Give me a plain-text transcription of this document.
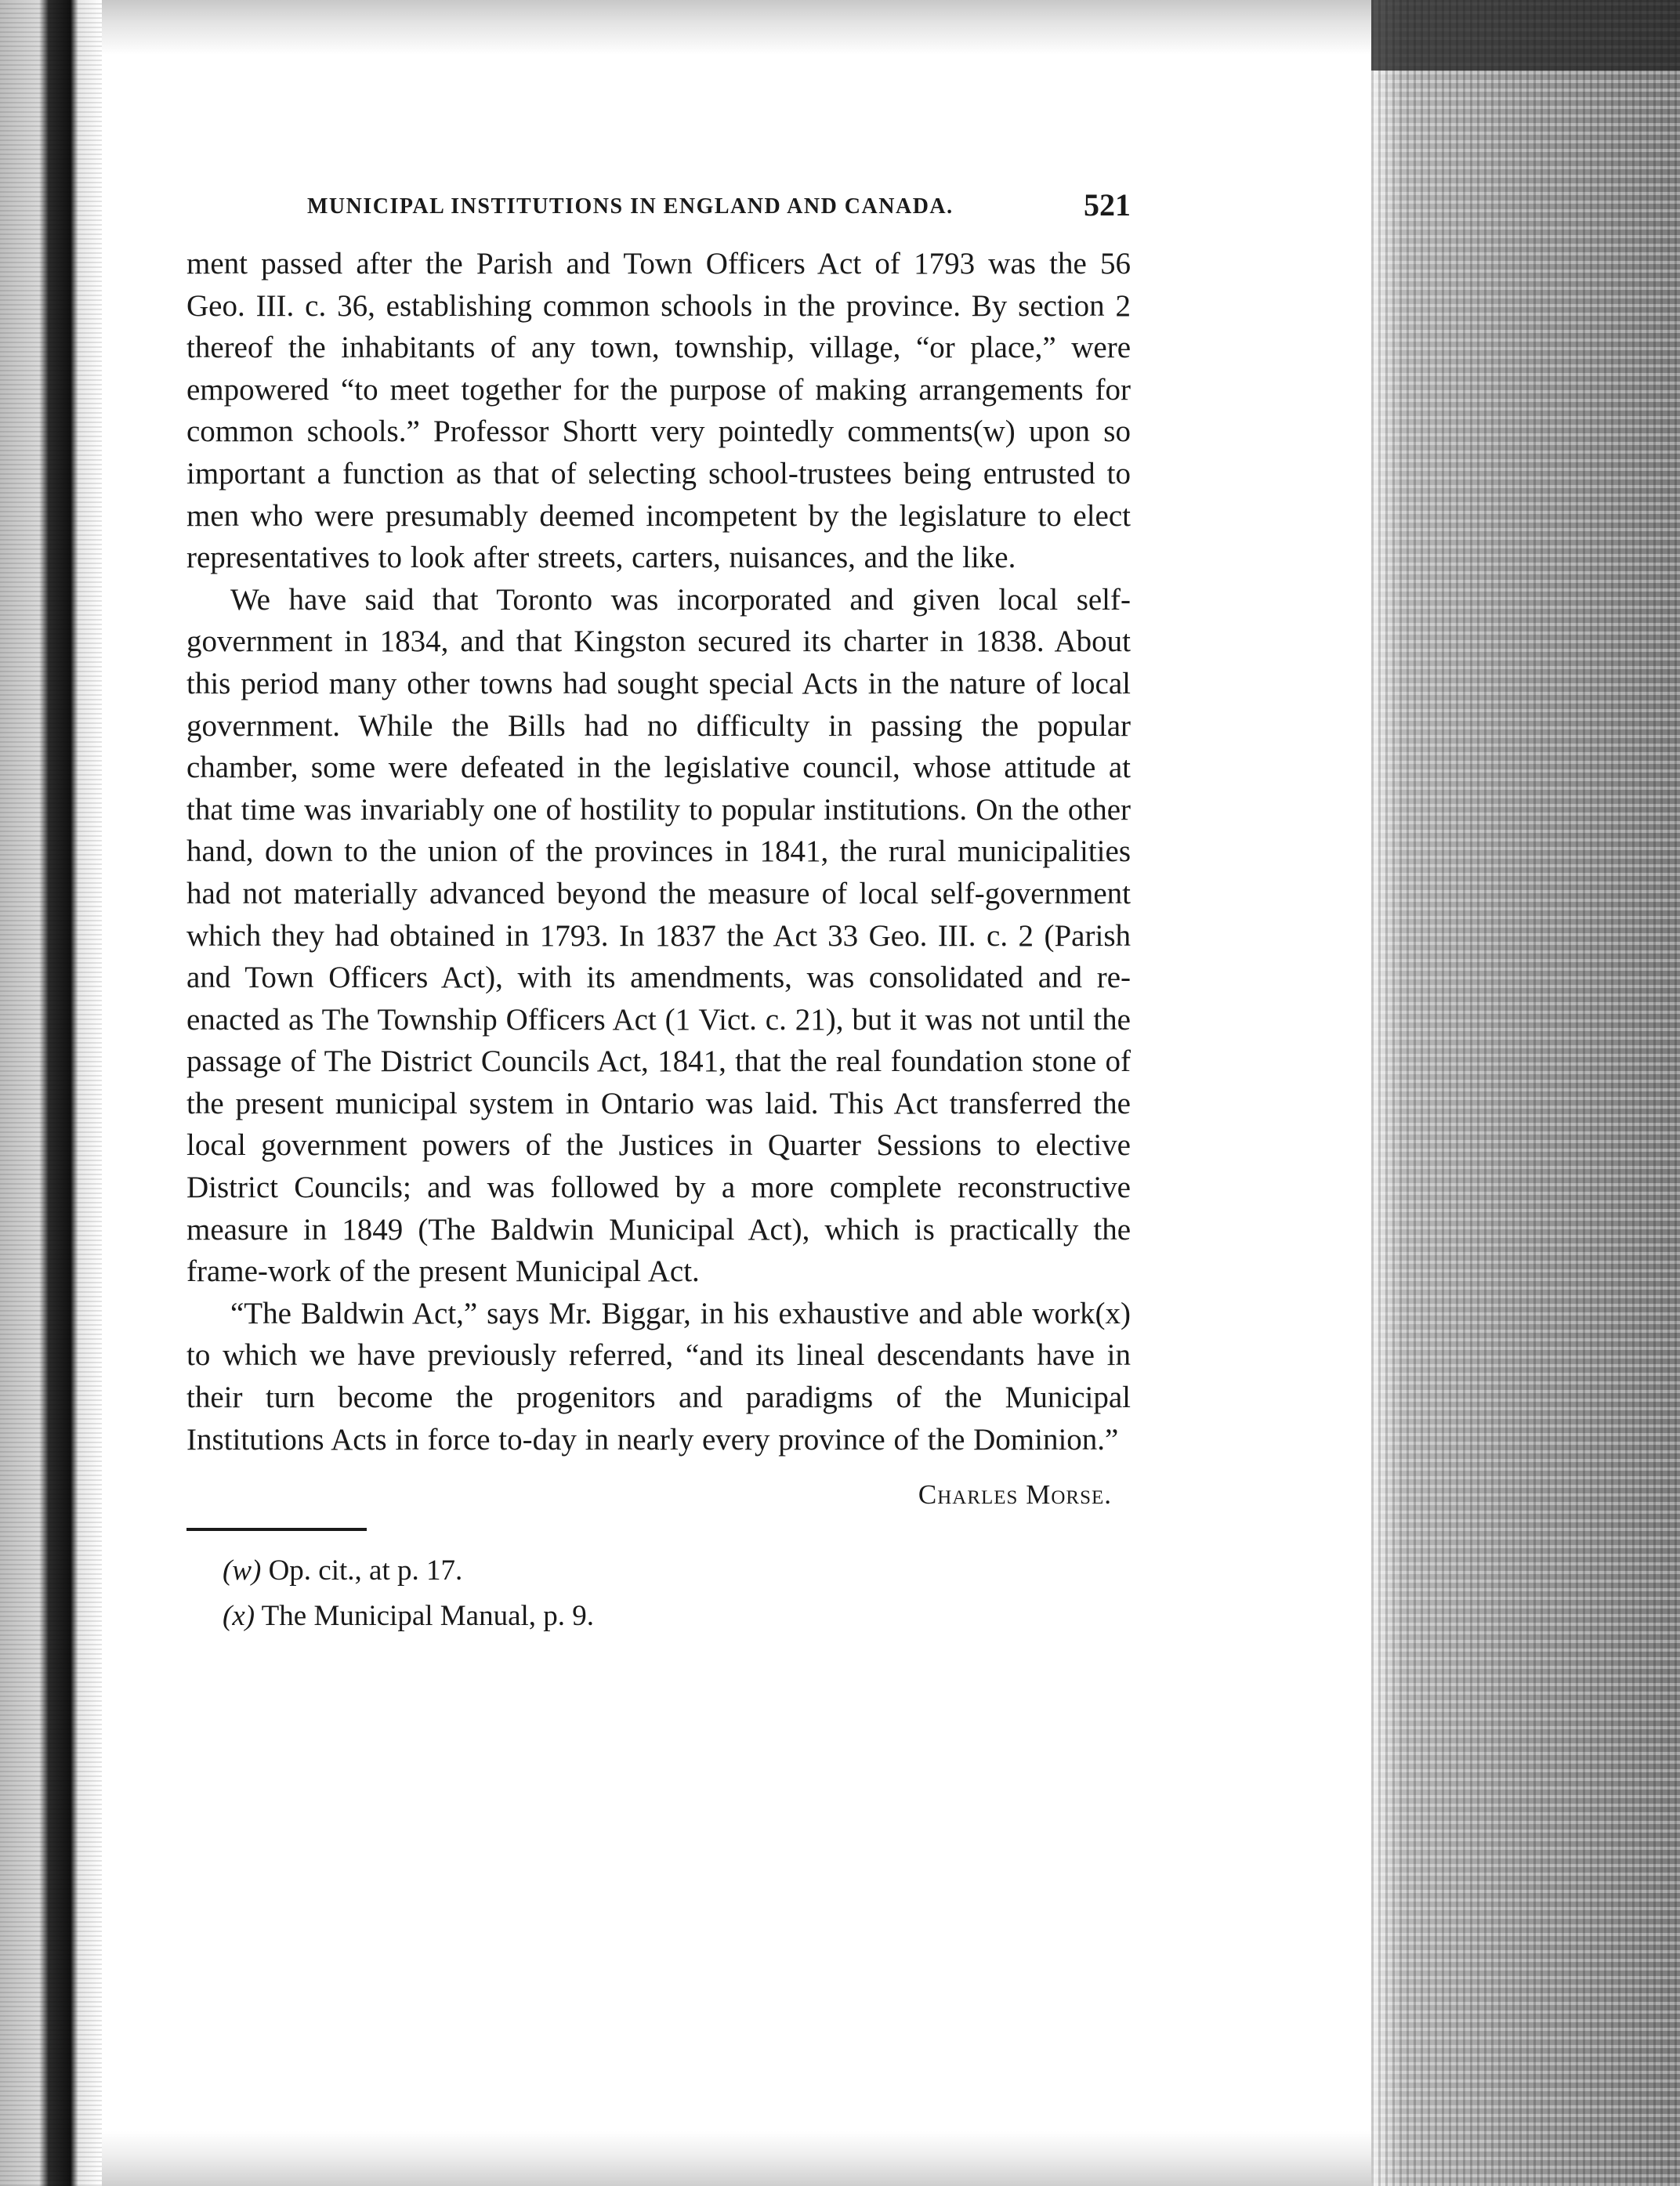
MUNICIPAL INSTITUTIONS IN ENGLAND AND CANADA.	521

ment passed after the Parish and Town Officers Act of 1793 was the 56 Geo. III. c. 36, establishing common schools in the province. By section 2 thereof the inhabitants of any town, township, village, “or place,” were empowered “to meet together for the purpose of making arrangements for common schools.” Professor Shortt very pointedly comments(w) upon so important a function as that of selecting school-trustees being entrusted to men who were presumably deemed incompetent by the legislature to elect representatives to look after streets, carters, nuisances, and the like.

We have said that Toronto was incorporated and given local self-government in 1834, and that Kingston secured its charter in 1838. About this period many other towns had sought special Acts in the nature of local government. While the Bills had no difficulty in passing the popular chamber, some were defeated in the legislative council, whose attitude at that time was invariably one of hostility to popular institutions. On the other hand, down to the union of the provinces in 1841, the rural municipalities had not materially advanced beyond the measure of local self-government which they had obtained in 1793. In 1837 the Act 33 Geo. III. c. 2 (Parish and Town Officers Act), with its amendments, was consolidated and re-enacted as The Township Officers Act (1 Vict. c. 21), but it was not until the passage of The District Councils Act, 1841, that the real foundation stone of the present municipal system in Ontario was laid. This Act transferred the local government powers of the Justices in Quarter Sessions to elective District Councils; and was followed by a more complete reconstructive measure in 1849 (The Baldwin Municipal Act), which is practically the frame-work of the present Municipal Act.

“The Baldwin Act,” says Mr. Biggar, in his exhaustive and able work(x) to which we have previously referred, “and its lineal descendants have in their turn become the progenitors and paradigms of the Municipal Institutions Acts in force to-day in nearly every province of the Dominion.”

Charles Morse.
(w) Op. cit., at p. 17.
(x) The Municipal Manual, p. 9.
